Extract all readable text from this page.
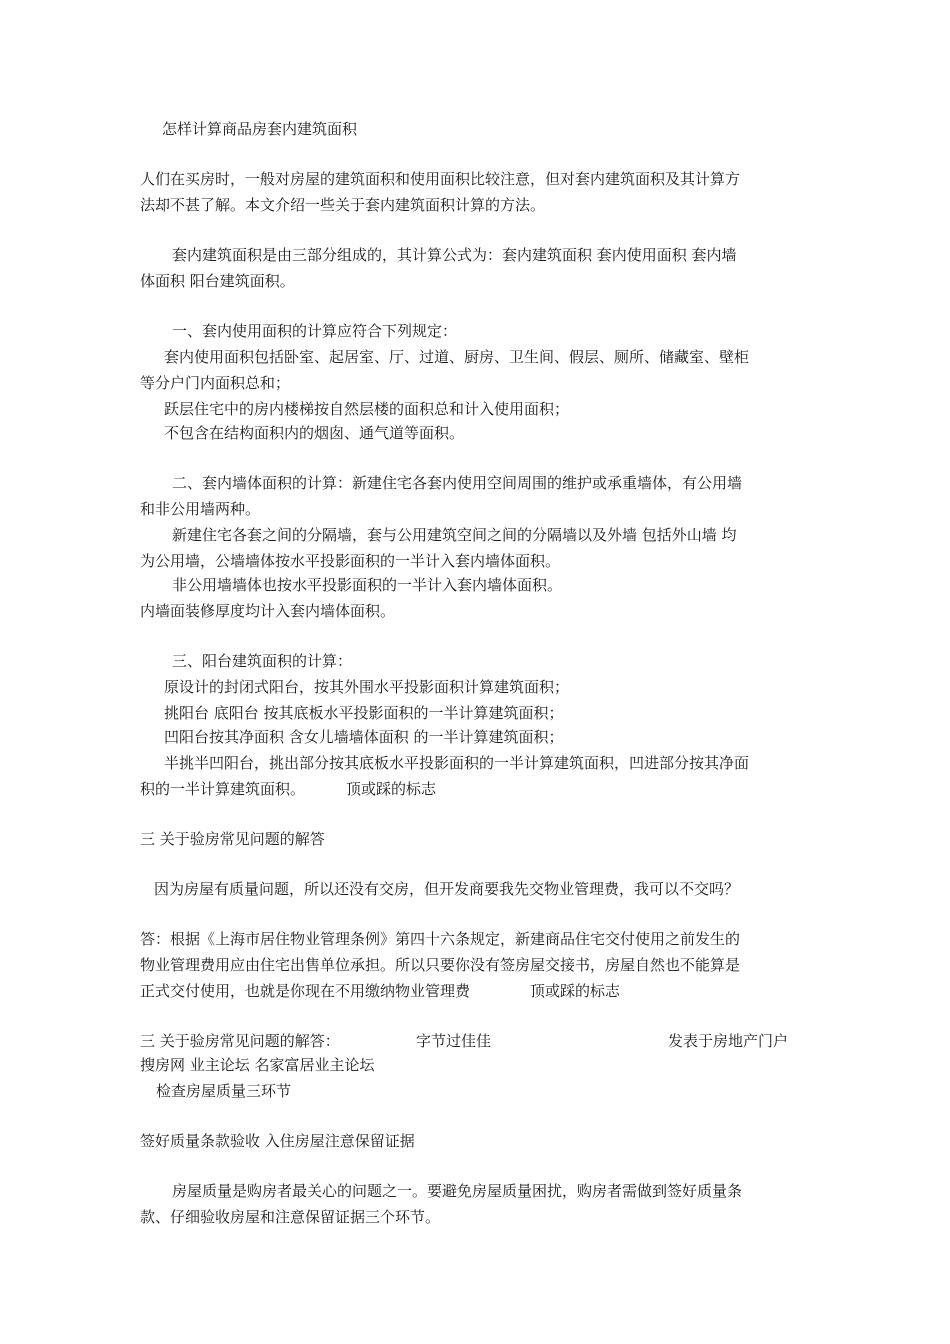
怎样计算商品房套内建筑面积
人们在买房时，一般对房屋的建筑面积和使用面积比较注意，但对套内建筑面积及其计算方
法却不甚了解。本文介绍一些关于套内建筑面积计算的方法。
套内建筑面积是由三部分组成的，其计算公式为：套内建筑面积 套内使用面积 套内墙
体面积 阳台建筑面积。
一、套内使用面积的计算应符合下列规定：
套内使用面积包括卧室、起居室、厅、过道、厨房、卫生间、假层、厕所、储藏室、壁柜
等分户门内面积总和；
跃层住宅中的房内楼梯按自然层楼的面积总和计入使用面积；
不包含在结构面积内的烟囱、通气道等面积。
二、套内墙体面积的计算：新建住宅各套内使用空间周围的维护或承重墙体，有公用墙
和非公用墙两种。
新建住宅各套之间的分隔墙，套与公用建筑空间之间的分隔墙以及外墙 包括外山墙 均
为公用墙，公墙墙体按水平投影面积的一半计入套内墙体面积。
非公用墙墙体也按水平投影面积的一半计入套内墙体面积。
内墙面装修厚度均计入套内墙体面积。
三、阳台建筑面积的计算：
原设计的封闭式阳台，按其外围水平投影面积计算建筑面积；
挑阳台 底阳台 按其底板水平投影面积的一半计算建筑面积；
凹阳台按其净面积 含女儿墙墙体面积 的一半计算建筑面积；
半挑半凹阳台，挑出部分按其底板水平投影面积的一半计算建筑面积，凹进部分按其净面
积的一半计算建筑面积。	顶或踩的标志
三 关于验房常见问题的解答
因为房屋有质量问题，所以还没有交房，但开发商要我先交物业管理费，我可以不交吗？
答：根据《上海市居住物业管理条例》第四十六条规定，新建商品住宅交付使用之前发生的
物业管理费用应由住宅出售单位承担。所以只要你没有签房屋交接书，房屋自然也不能算是
正式交付使用，也就是你现在不用缴纳物业管理费	顶或踩的标志
三 关于验房常见问题的解答：	字节过佳佳	发表于房地产门户
搜房网 业主论坛 名家富居业主论坛
检查房屋质量三环节
签好质量条款验收 入住房屋注意保留证据
房屋质量是购房者最关心的问题之一。要避免房屋质量困扰，购房者需做到签好质量条
款、仔细验收房屋和注意保留证据三个环节。
